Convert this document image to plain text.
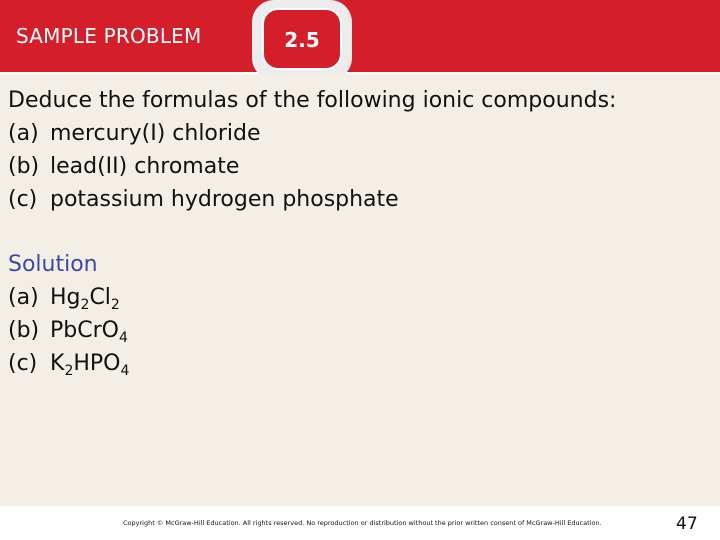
SAMPLE PROBLEM	2.5
Deduce the formulas of the following ionic compounds:
(a) mercury(I) chloride
(b) lead(II) chromate
(c) potassium hydrogen phosphate
Solution
(a) $Hg_2Cl_2$
(b) PbCrO$_4$
(c) $K_2HPO_4$
Copyright © McGraw-Hill Education. All rights reserved. No reproduction or distribution without the prior written consent of McGraw-Hill Education.	47
